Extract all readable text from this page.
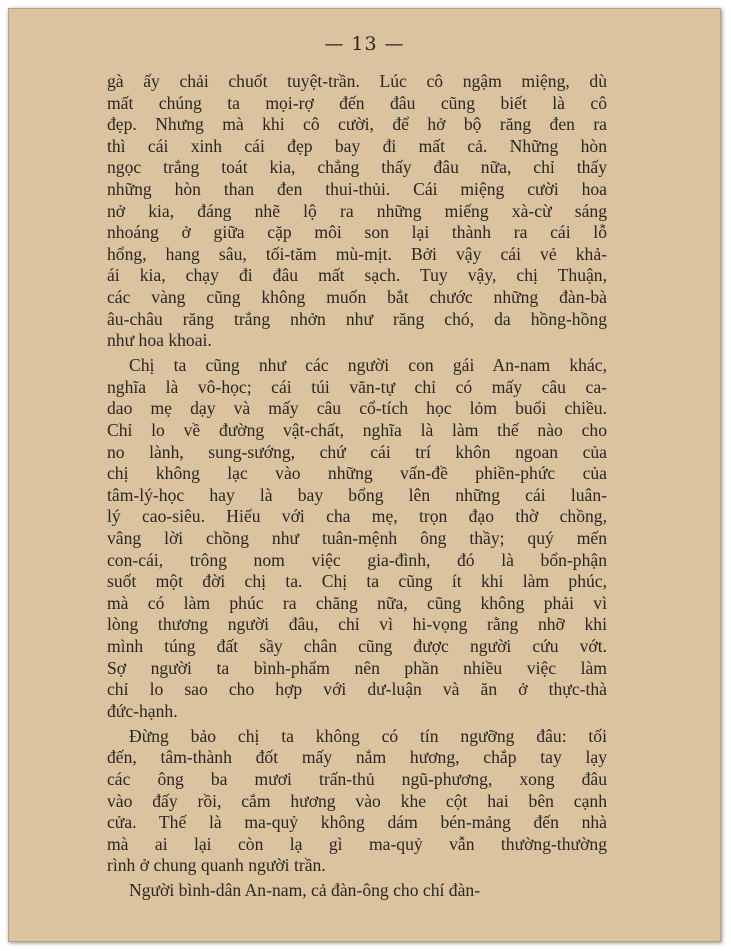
— 13 —
gà ấy chải chuốt tuyệt-trần. Lúc cô ngậm miệng, dù
mất chúng ta mọi-rợ đến đâu cũng biết là cô
đẹp. Nhưng mà khi cô cười, để hở bộ răng đen ra
thì cái xinh cái đẹp bay đi mất cả. Những hòn
ngọc trắng toát kia, chẳng thấy đâu nữa, chỉ thấy
những hòn than đen thui-thủi. Cái miệng cười hoa
nở kia, đáng nhẽ lộ ra những miếng xà-cừ sáng
nhoáng ở giữa cặp môi son lại thành ra cái lỗ
hổng, hang sâu, tối-tăm mù-mịt. Bởi vậy cái vẻ khả-
ái kia, chạy đi đâu mất sạch. Tuy vậy, chị Thuận,
các vàng cũng không muốn bắt chước những đàn-bà
âu-châu răng trắng nhởn như răng chó, da hồng-hồng
như hoa khoai.
Chị ta cũng như các người con gái An-nam khác,
nghĩa là vô-học; cái túi văn-tự chỉ có mấy câu ca-
dao mẹ dạy và mấy câu cổ-tích học lỏm buổi chiều.
Chỉ lo về đường vật-chất, nghĩa là làm thế nào cho
no lành, sung-sướng, chứ cái trí khôn ngoan của
chị không lạc vào những vấn-đề phiền-phức của
tâm-lý-học hay là bay bổng lên những cái luân-
lý cao-siêu. Hiếu với cha mẹ, trọn đạo thờ chồng,
vâng lời chồng như tuân-mệnh ông thầy; quý mến
con-cái, trông nom việc gia-đình, đó là bổn-phận
suốt một đời chị ta. Chị ta cũng ít khi làm phúc,
mà có làm phúc ra chăng nữa, cũng không phải vì
lòng thương người đâu, chỉ vì hi-vọng rằng nhỡ khi
mình túng đất sầy chân cũng được người cứu vớt.
Sợ người ta bình-phẩm nên phần nhiều việc làm
chỉ lo sao cho hợp với dư-luận và ăn ở thực-thà
đức-hạnh.
Đừng bảo chị ta không có tín ngưỡng đâu: tối
đến, tâm-thành đốt mấy nắm hương, chắp tay lạy
các ông ba mươi trấn-thủ ngũ-phương, xong đâu
vào đấy rồi, cắm hương vào khe cột hai bên cạnh
cửa. Thế là ma-quỷ không dám bén-mảng đến nhà
mà ai lại còn lạ gì ma-quỷ vẫn thường-thường
rình ở chung quanh người trần.
Người bình-dân An-nam, cả đàn-ông cho chí đàn-
